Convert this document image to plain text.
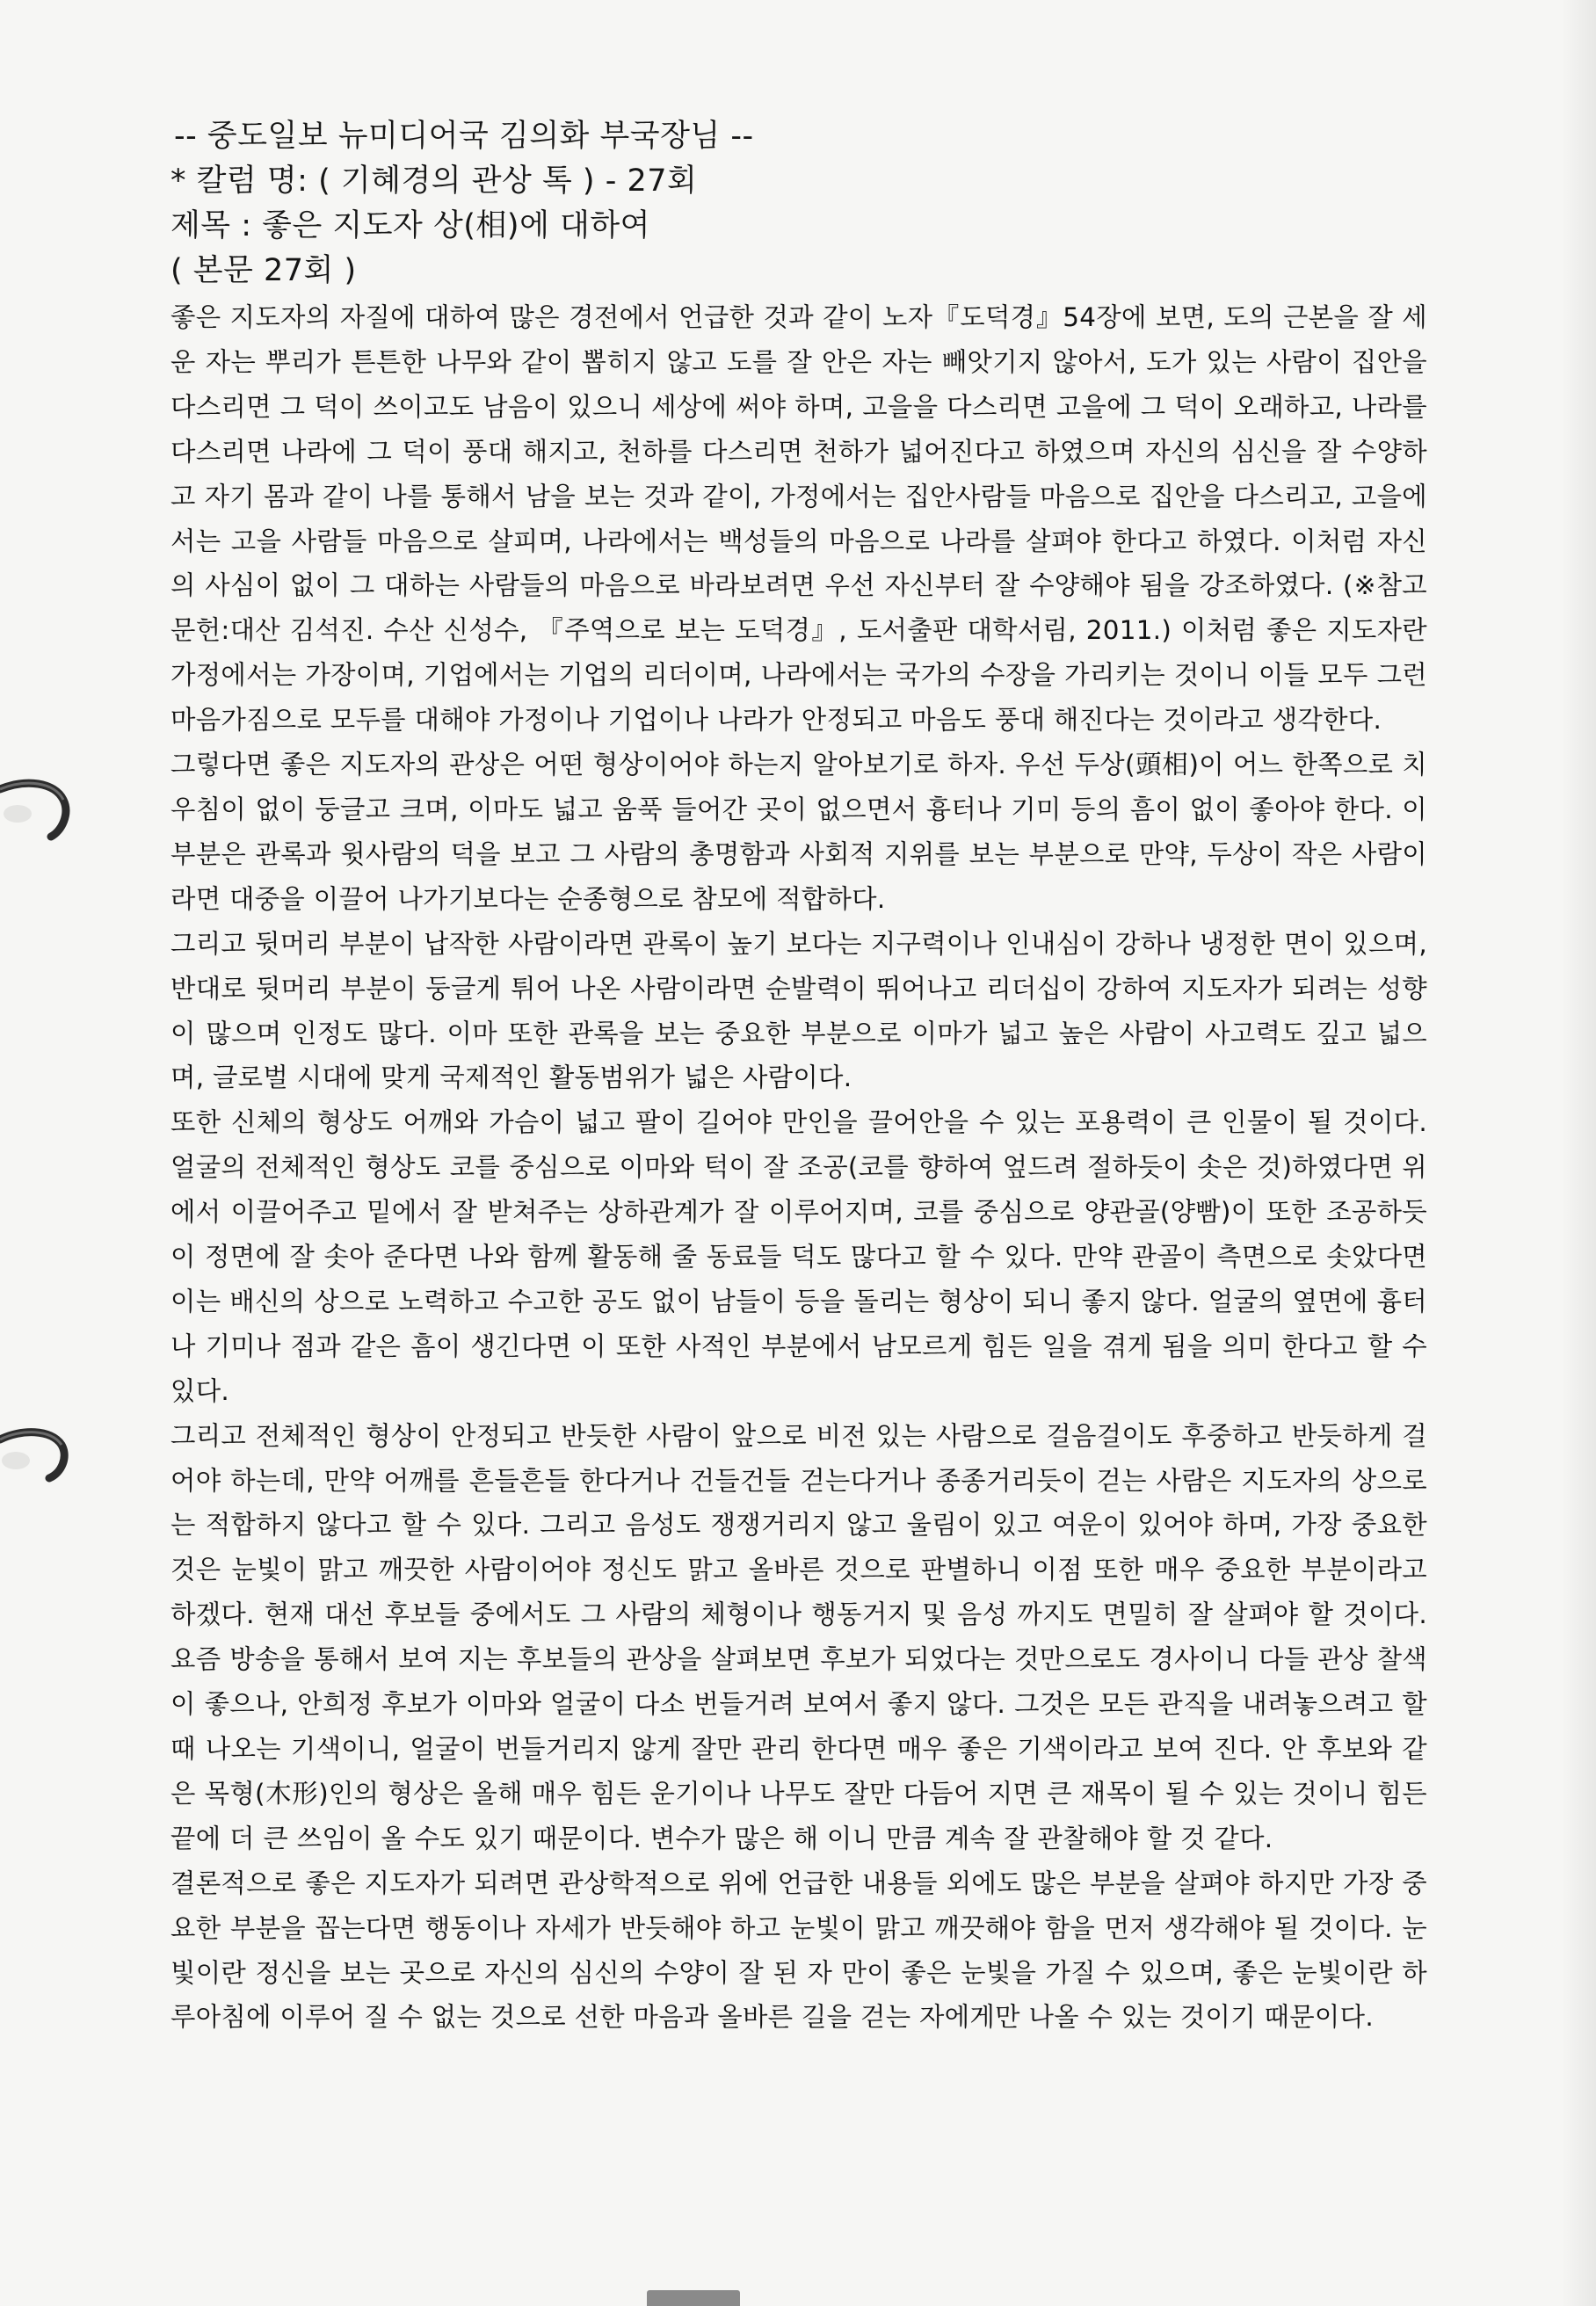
-- 중도일보 뉴미디어국 김의화 부국장님 --
* 칼럼 명: ( 기혜경의 관상 톡 ) - 27회
제목 : 좋은 지도자 상(相)에 대하여
( 본문 27회 )

좋은 지도자의 자질에 대하여 많은 경전에서 언급한 것과 같이 노자『도덕경』54장에 보면, 도의 근본을 잘 세운 자는 뿌리가 튼튼한 나무와 같이 뽑히지 않고 도를 잘 안은 자는 빼앗기지 않아서, 도가 있는 사람이 집안을 다스리면 그 덕이 쓰이고도 남음이 있으니 세상에 써야 하며, 고을을 다스리면 고을에 그 덕이 오래하고, 나라를 다스리면 나라에 그 덕이 풍대 해지고, 천하를 다스리면 천하가 넓어진다고 하였으며 자신의 심신을 잘 수양하고 자기 몸과 같이 나를 통해서 남을 보는 것과 같이, 가정에서는 집안사람들 마음으로 집안을 다스리고, 고을에서는 고을 사람들 마음으로 살피며, 나라에서는 백성들의 마음으로 나라를 살펴야 한다고 하였다. 이처럼 자신의 사심이 없이 그 대하는 사람들의 마음으로 바라보려면 우선 자신부터 잘 수양해야 됨을 강조하였다. (※참고문헌:대산 김석진. 수산 신성수, 『주역으로 보는 도덕경』, 도서출판 대학서림, 2011.) 이처럼 좋은 지도자란 가정에서는 가장이며, 기업에서는 기업의 리더이며, 나라에서는 국가의 수장을 가리키는 것이니 이들 모두 그런 마음가짐으로 모두를 대해야 가정이나 기업이나 나라가 안정되고 마음도 풍대 해진다는 것이라고 생각한다.

그렇다면 좋은 지도자의 관상은 어떤 형상이어야 하는지 알아보기로 하자. 우선 두상(頭相)이 어느 한쪽으로 치우침이 없이 둥글고 크며, 이마도 넓고 움푹 들어간 곳이 없으면서 흉터나 기미 등의 흠이 없이 좋아야 한다. 이 부분은 관록과 윗사람의 덕을 보고 그 사람의 총명함과 사회적 지위를 보는 부분으로 만약, 두상이 작은 사람이라면 대중을 이끌어 나가기보다는 순종형으로 참모에 적합하다.

그리고 뒷머리 부분이 납작한 사람이라면 관록이 높기 보다는 지구력이나 인내심이 강하나 냉정한 면이 있으며, 반대로 뒷머리 부분이 둥글게 튀어 나온 사람이라면 순발력이 뛰어나고 리더십이 강하여 지도자가 되려는 성향이 많으며 인정도 많다. 이마 또한 관록을 보는 중요한 부분으로 이마가 넓고 높은 사람이 사고력도 깊고 넓으며, 글로벌 시대에 맞게 국제적인 활동범위가 넓은 사람이다.

또한 신체의 형상도 어깨와 가슴이 넓고 팔이 길어야 만인을 끌어안을 수 있는 포용력이 큰 인물이 될 것이다. 얼굴의 전체적인 형상도 코를 중심으로 이마와 턱이 잘 조공(코를 향하여 엎드려 절하듯이 솟은 것)하였다면 위에서 이끌어주고 밑에서 잘 받쳐주는 상하관계가 잘 이루어지며, 코를 중심으로 양관골(양빰)이 또한 조공하듯이 정면에 잘 솟아 준다면 나와 함께 활동해 줄 동료들 덕도 많다고 할 수 있다. 만약 관골이 측면으로 솟았다면 이는 배신의 상으로 노력하고 수고한 공도 없이 남들이 등을 돌리는 형상이 되니 좋지 않다. 얼굴의 옆면에 흉터나 기미나 점과 같은 흠이 생긴다면 이 또한 사적인 부분에서 남모르게 힘든 일을 겪게 됨을 의미 한다고 할 수 있다.

그리고 전체적인 형상이 안정되고 반듯한 사람이 앞으로 비전 있는 사람으로 걸음걸이도 후중하고 반듯하게 걸어야 하는데, 만약 어깨를 흔들흔들 한다거나 건들건들 걷는다거나 종종거리듯이 걷는 사람은 지도자의 상으로는 적합하지 않다고 할 수 있다. 그리고 음성도 쟁쟁거리지 않고 울림이 있고 여운이 있어야 하며, 가장 중요한 것은 눈빛이 맑고 깨끗한 사람이어야 정신도 맑고 올바른 것으로 판별하니 이점 또한 매우 중요한 부분이라고 하겠다. 현재 대선 후보들 중에서도 그 사람의 체형이나 행동거지 및 음성 까지도 면밀히 잘 살펴야 할 것이다. 요즘 방송을 통해서 보여 지는 후보들의 관상을 살펴보면 후보가 되었다는 것만으로도 경사이니 다들 관상 찰색이 좋으나, 안희정 후보가 이마와 얼굴이 다소 번들거려 보여서 좋지 않다. 그것은 모든 관직을 내려놓으려고 할 때 나오는 기색이니, 얼굴이 번들거리지 않게 잘만 관리 한다면 매우 좋은 기색이라고 보여 진다. 안 후보와 같은 목형(木形)인의 형상은 올해 매우 힘든 운기이나 나무도 잘만 다듬어 지면 큰 재목이 될 수 있는 것이니 힘든 끝에 더 큰 쓰임이 올 수도 있기 때문이다. 변수가 많은 해 이니 만큼 계속 잘 관찰해야 할 것 같다.

결론적으로 좋은 지도자가 되려면 관상학적으로 위에 언급한 내용들 외에도 많은 부분을 살펴야 하지만 가장 중요한 부분을 꼽는다면 행동이나 자세가 반듯해야 하고 눈빛이 맑고 깨끗해야 함을 먼저 생각해야 될 것이다. 눈빛이란 정신을 보는 곳으로 자신의 심신의 수양이 잘 된 자 만이 좋은 눈빛을 가질 수 있으며, 좋은 눈빛이란 하루아침에 이루어 질 수 없는 것으로 선한 마음과 올바른 길을 걷는 자에게만 나올 수 있는 것이기 때문이다.
